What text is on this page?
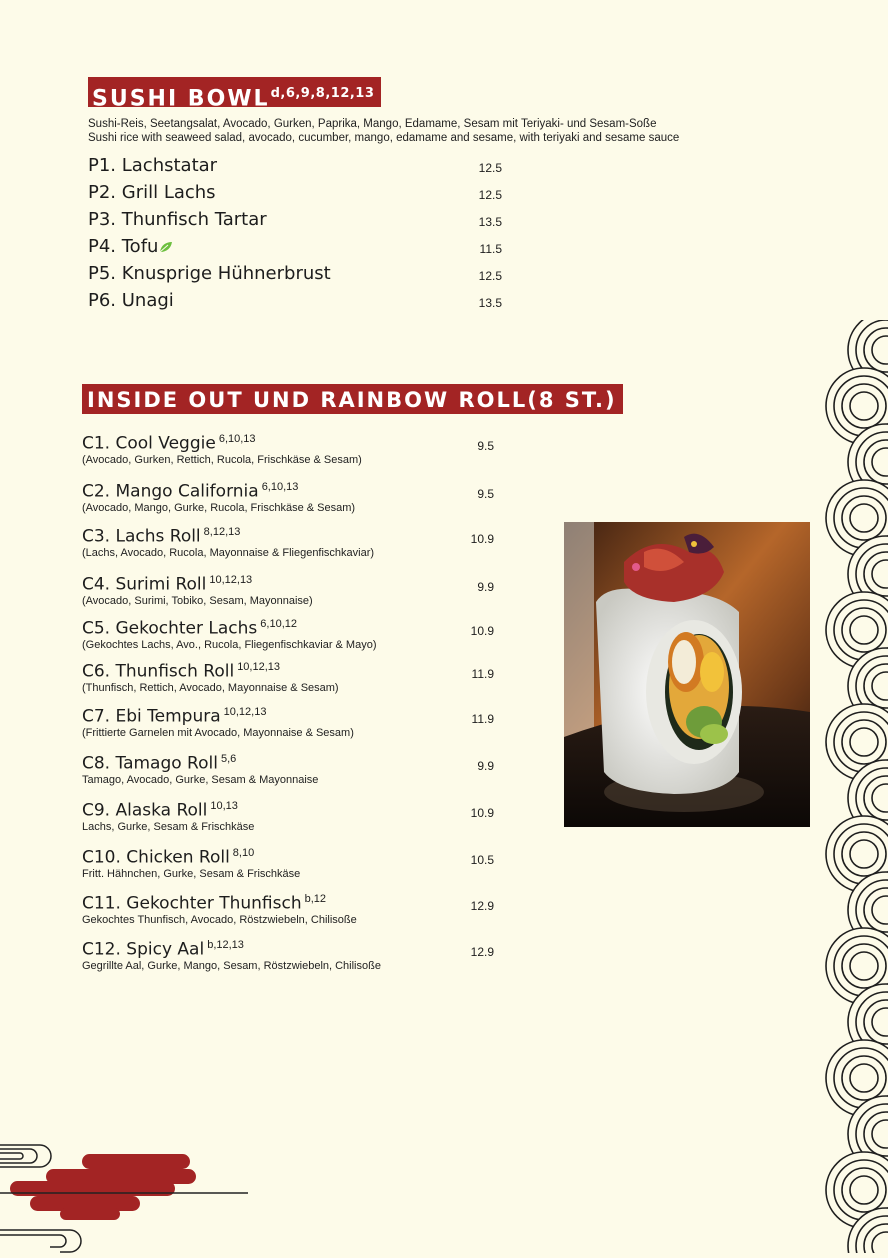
SUSHI BOWL$^{d,6,9,8,12,13}$
Sushi-Reis, Seetangsalat, Avocado, Gurken, Paprika, Mango, Edamame, Sesam mit Teriyaki- und Sesam-Soße
Sushi rice with seaweed salad, avocado, cucumber, mango, edamame and sesame, with teriyaki and sesame sauce
P1. Lachstatar	12.5
P2. Grill Lachs	12.5
P3. Thunfisch Tartar	13.5
P4. Tofu	11.5
P5. Knusprige Hühnerbrust	12.5
P6. Unagi	13.5
INSIDE OUT UND RAINBOW ROLL(8 ST.)
C1. Cool Veggie $^{6,10,13}$
(Avocado, Gurken, Rettich, Rucola, Frischkäse & Sesam)
9.5
C2. Mango California $^{6,10,13}$
(Avocado, Mango, Gurke, Rucola, Frischkäse & Sesam)
9.5
C3. Lachs Roll $^{8,12,13}$
(Lachs, Avocado, Rucola, Mayonnaise & Fliegenfischkaviar)
10.9
C4. Surimi Roll $^{10,12,13}$
(Avocado, Surimi, Tobiko, Sesam, Mayonnaise)
9.9
C5. Gekochter Lachs $^{6,10,12}$
(Gekochtes Lachs, Avo., Rucola, Fliegenfischkaviar & Mayo)
10.9
C6. Thunfisch Roll $^{10,12,13}$
(Thunfisch, Rettich, Avocado, Mayonnaise & Sesam)
11.9
C7. Ebi Tempura $^{10,12,13}$
(Frittierte Garnelen mit Avocado, Mayonnaise & Sesam)
11.9
C8. Tamago Roll $^{5,6}$
Tamago, Avocado, Gurke, Sesam & Mayonnaise
9.9
C9. Alaska Roll $^{10,13}$
Lachs, Gurke, Sesam & Frischkäse
10.9
C10. Chicken Roll $^{8,10}$
Fritt. Hähnchen, Gurke, Sesam & Frischkäse
10.5
C11. Gekochter Thunfisch $^{b,12}$
Gekochtes Thunfisch, Avocado, Röstzwiebeln, Chilisoße
12.9
C12. Spicy Aal $^{b,12,13}$
Gegrillte Aal, Gurke, Mango, Sesam, Röstzwiebeln, Chilisoße
12.9
